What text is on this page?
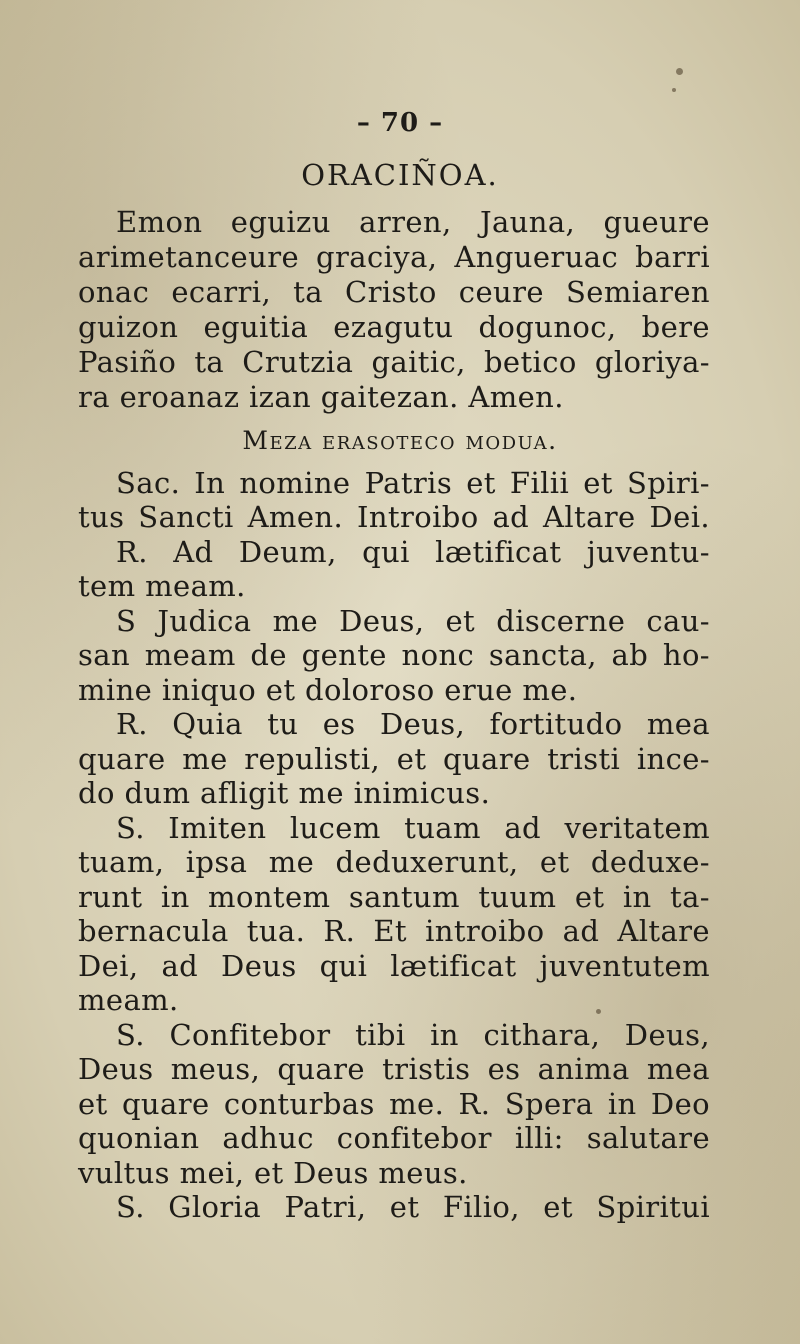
– 70 –
ORACIÑOA.
Emon eguizu arren, Jauna, gueure
arimetanceure graciya, Angueruac barri
onac ecarri, ta Cristo ceure Semiaren
guizon eguitia ezagutu dogunoc, bere
Pasiño ta Crutzia gaitic, betico gloriya-
ra eroanaz izan gaitezan. Amen.
Meza erasoteco modua.
Sac. In nomine Patris et Filii et Spiri-
tus Sancti Amen. Introibo ad Altare Dei.
R. Ad Deum, qui lætificat juventu-
tem meam.
S Judica me Deus, et discerne cau-
san meam de gente nonc sancta, ab ho-
mine iniquo et doloroso erue me.
R. Quia tu es Deus, fortitudo mea
quare me repulisti, et quare tristi ince-
do dum afligit me inimicus.
S. Imiten lucem tuam ad veritatem
tuam, ipsa me deduxerunt, et deduxe-
runt in montem santum tuum et in ta-
bernacula tua. R. Et introibo ad Altare
Dei, ad Deus qui lætificat juventutem
meam.
S. Confitebor tibi in cithara, Deus,
Deus meus, quare tristis es anima mea
et quare conturbas me. R. Spera in Deo
quonian adhuc confitebor illi: salutare
vultus mei, et Deus meus.
S. Gloria Patri, et Filio, et Spiritui
